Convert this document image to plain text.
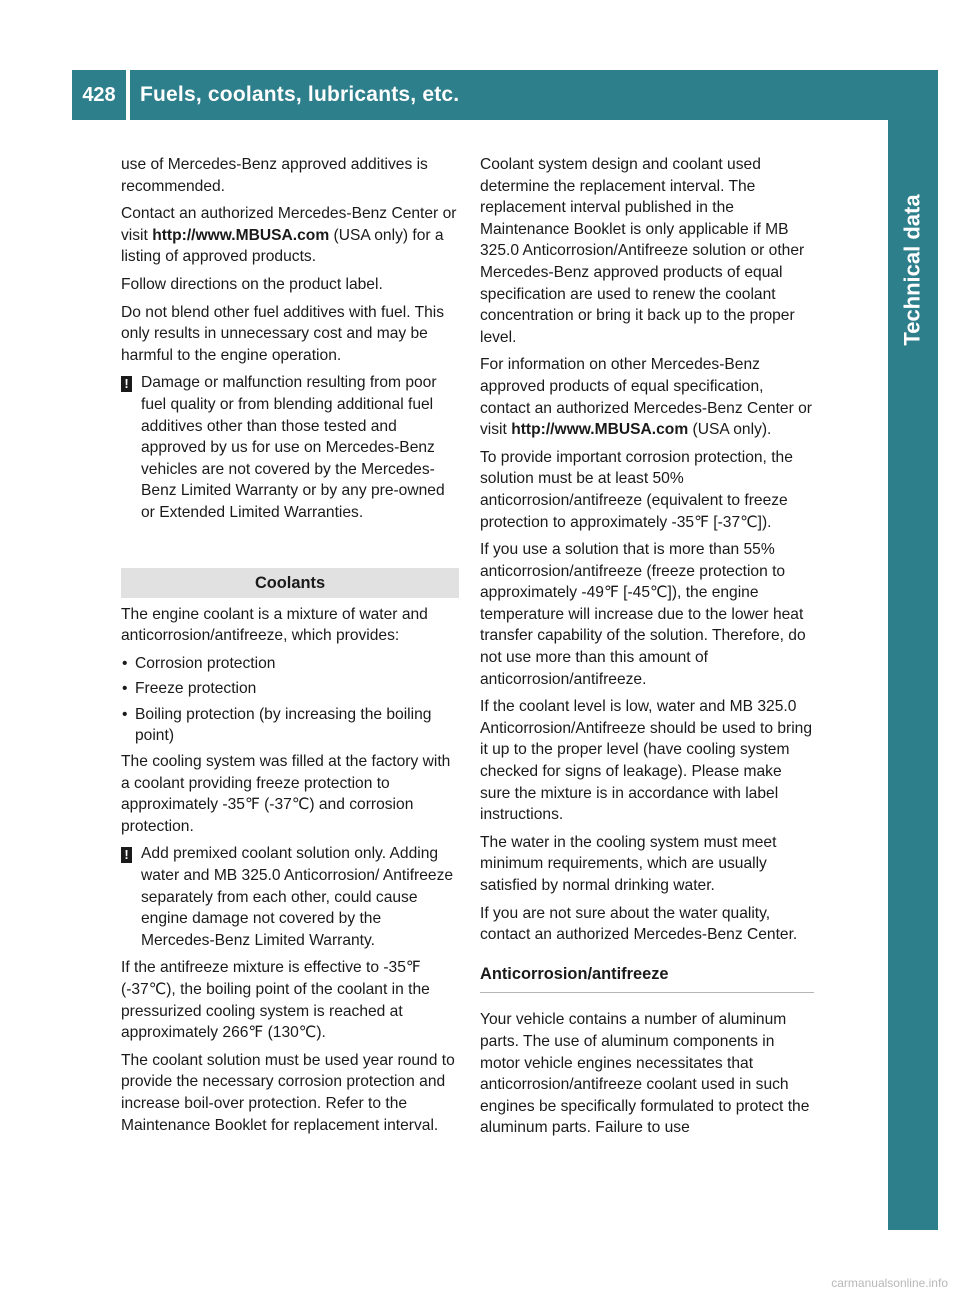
428	Fuels, coolants, lubricants, etc.
Technical data

use of Mercedes-Benz approved additives is recommended.

Contact an authorized Mercedes-Benz Center or visit http://www.MBUSA.com (USA only) for a listing of approved products.

Follow directions on the product label.

Do not blend other fuel additives with fuel. This only results in unnecessary cost and may be harmful to the engine operation.

! Damage or malfunction resulting from poor fuel quality or from blending additional fuel additives other than those tested and approved by us for use on Mercedes-Benz vehicles are not covered by the Mercedes-Benz Limited Warranty or by any pre-owned or Extended Limited Warranties.
Coolants

The engine coolant is a mixture of water and anticorrosion/antifreeze, which provides:

• Corrosion protection
• Freeze protection
• Boiling protection (by increasing the boiling point)

The cooling system was filled at the factory with a coolant providing freeze protection to approximately -35℉ (-37℃) and corrosion protection.

! Add premixed coolant solution only. Adding water and MB 325.0 Anticorrosion/ Antifreeze separately from each other, could cause engine damage not covered by the Mercedes-Benz Limited Warranty.

If the antifreeze mixture is effective to -35℉ (-37℃), the boiling point of the coolant in the pressurized cooling system is reached at approximately 266℉ (130℃).

The coolant solution must be used year round to provide the necessary corrosion protection and increase boil-over protection. Refer to the Maintenance Booklet for replacement interval.

Coolant system design and coolant used determine the replacement interval. The replacement interval published in the Maintenance Booklet is only applicable if MB 325.0 Anticorrosion/Antifreeze solution or other Mercedes-Benz approved products of equal specification are used to renew the coolant concentration or bring it back up to the proper level.

For information on other Mercedes-Benz approved products of equal specification, contact an authorized Mercedes-Benz Center or visit http://www.MBUSA.com (USA only).

To provide important corrosion protection, the solution must be at least 50% anticorrosion/antifreeze (equivalent to freeze protection to approximately -35℉ [-37℃]).

If you use a solution that is more than 55% anticorrosion/antifreeze (freeze protection to approximately -49℉ [-45℃]), the engine temperature will increase due to the lower heat transfer capability of the solution. Therefore, do not use more than this amount of anticorrosion/antifreeze.

If the coolant level is low, water and MB 325.0 Anticorrosion/Antifreeze should be used to bring it up to the proper level (have cooling system checked for signs of leakage). Please make sure the mixture is in accordance with label instructions.

The water in the cooling system must meet minimum requirements, which are usually satisfied by normal drinking water.

If you are not sure about the water quality, contact an authorized Mercedes-Benz Center.

Anticorrosion/antifreeze

Your vehicle contains a number of aluminum parts. The use of aluminum components in motor vehicle engines necessitates that anticorrosion/antifreeze coolant used in such engines be specifically formulated to protect the aluminum parts. Failure to use

carmanualsonline.info
